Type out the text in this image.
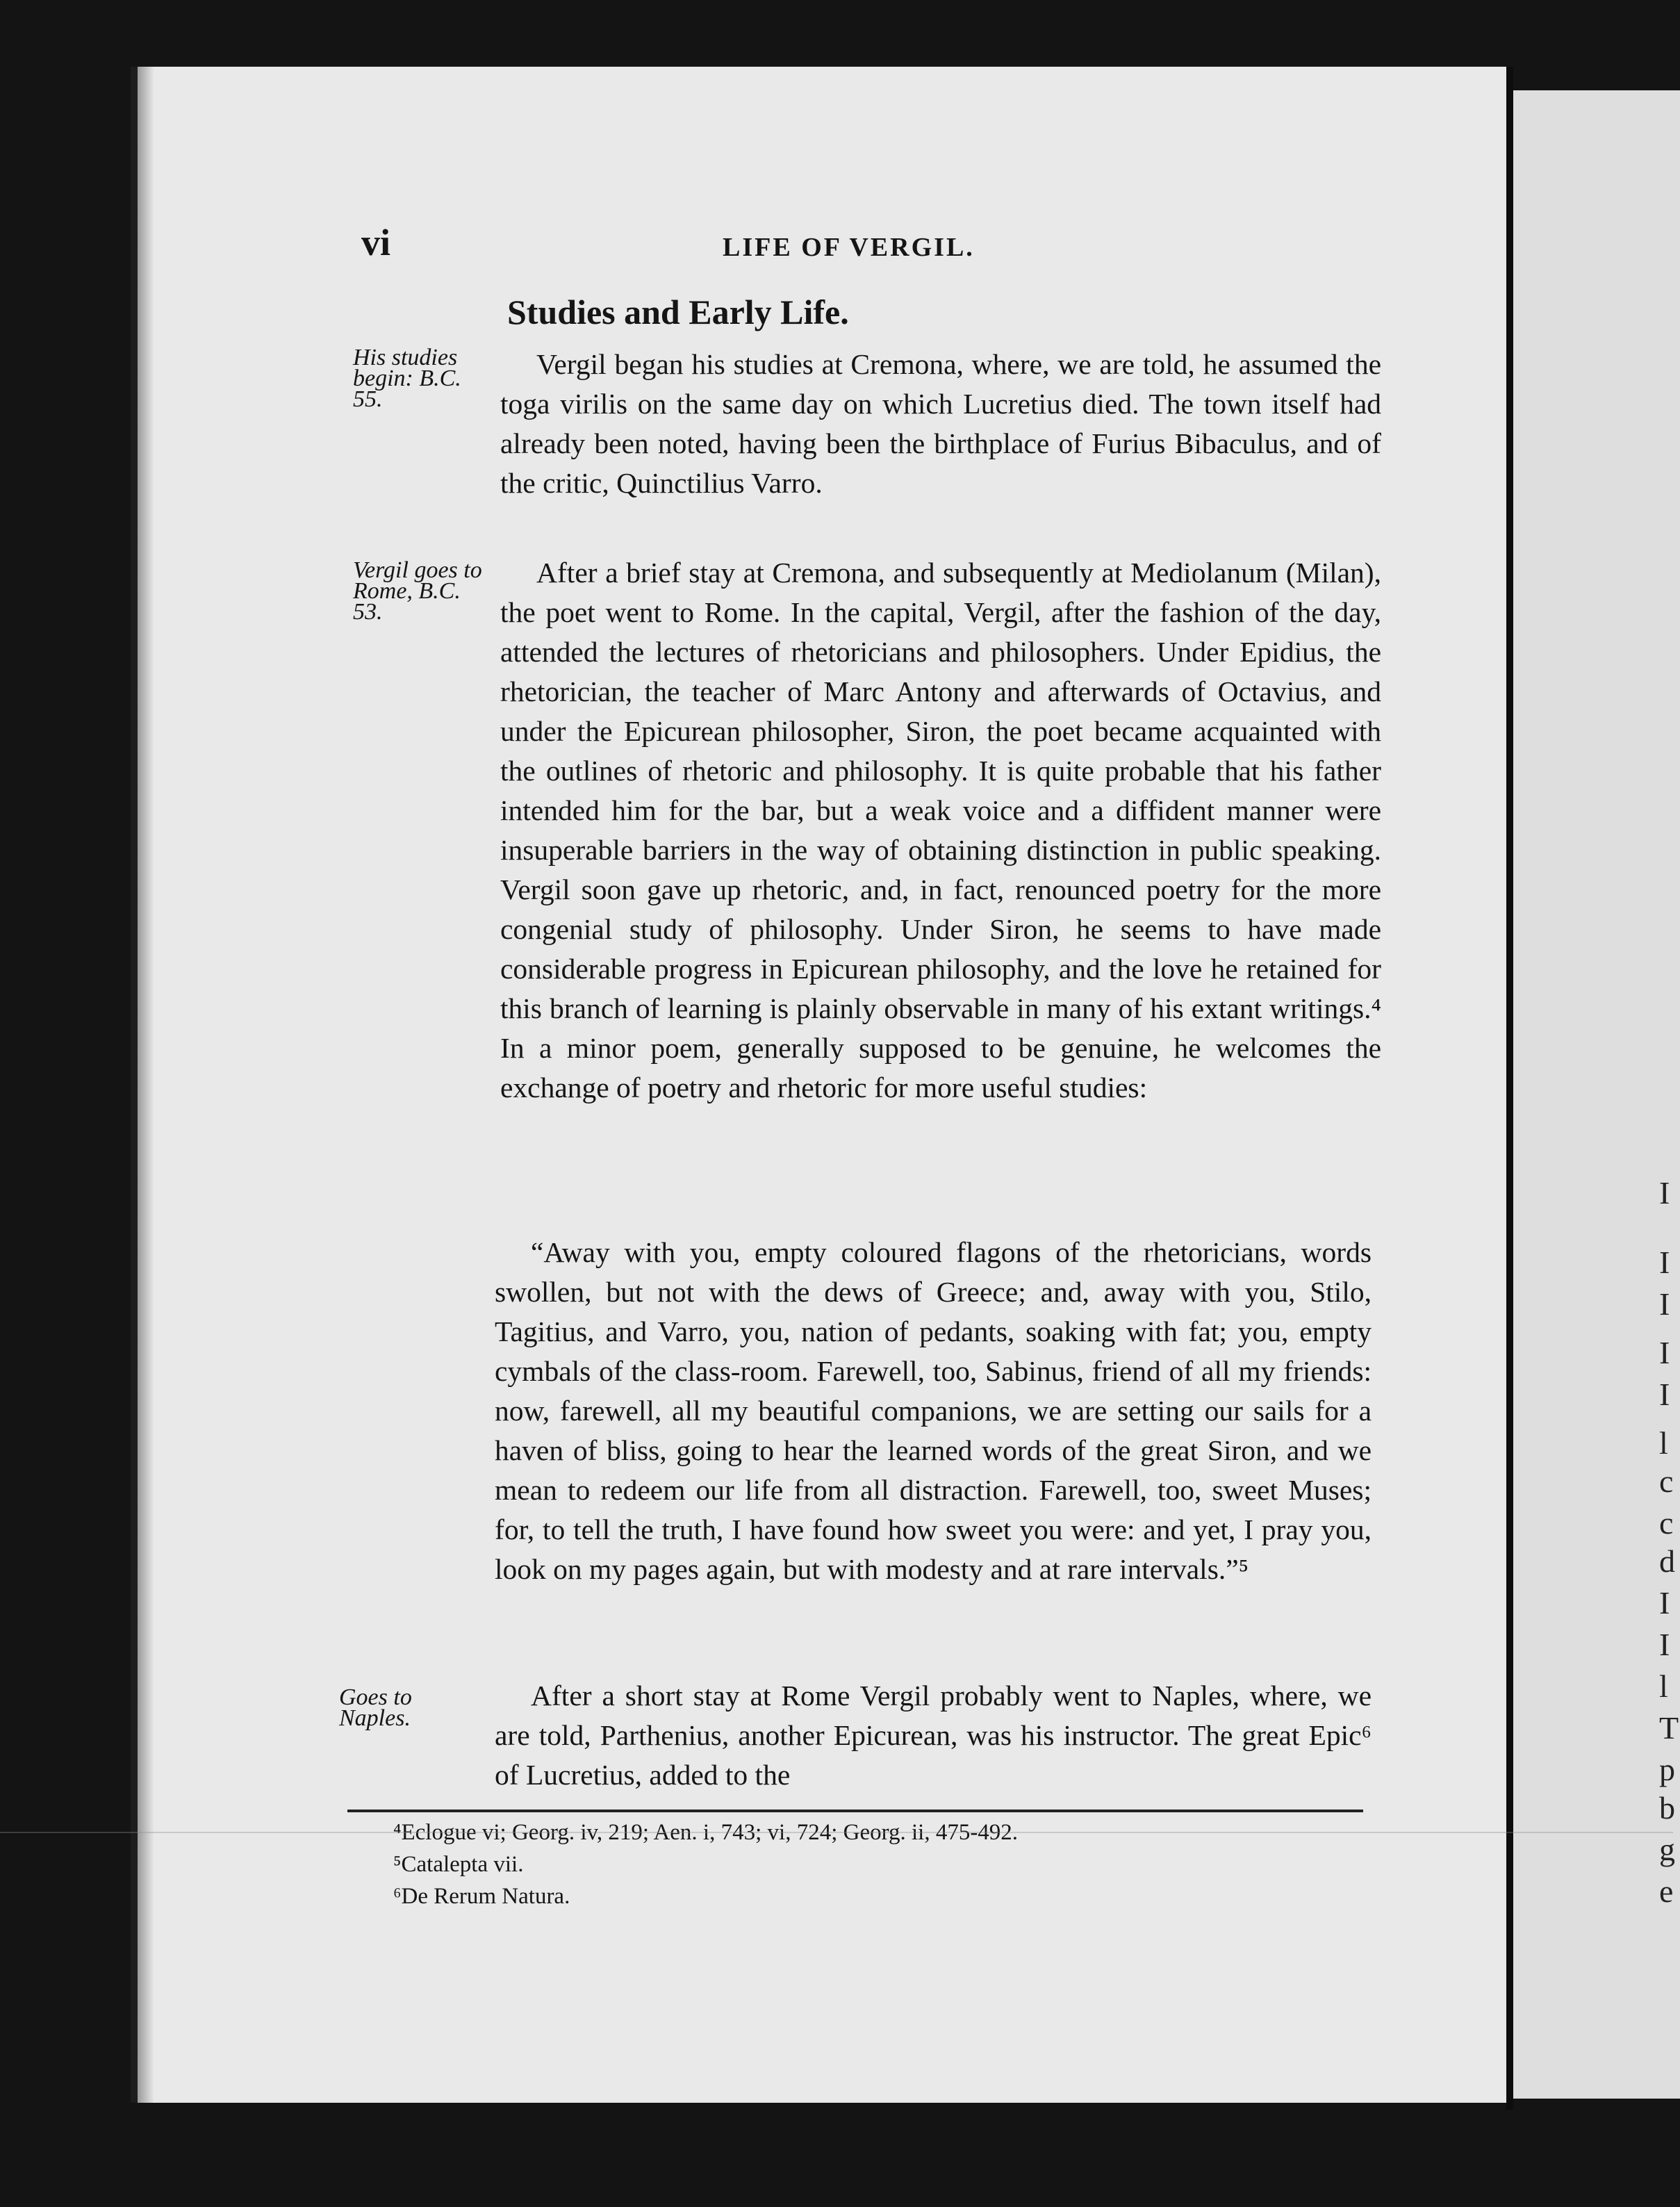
I
I
I
I
I
l
c
c
d
I
I
l
T
p
b
g
e
vi	LIFE OF VERGIL.
Studies and Early Life.
His studies begin: B.C. 55.
Vergil goes to Rome, B.C. 53.
Goes to Naples.

Vergil began his studies at Cremona, where, we are told, he assumed the toga virilis on the same day on which Lucretius died. The town itself had already been noted, having been the birthplace of Furius Bibaculus, and of the critic, Quinctilius Varro.

After a brief stay at Cremona, and subsequently at Mediolanum (Milan), the poet went to Rome. In the capital, Vergil, after the fashion of the day, attended the lectures of rhetoricians and philosophers. Under Epidius, the rhetorician, the teacher of Marc Antony and afterwards of Octavius, and under the Epicurean philosopher, Siron, the poet became acquainted with the outlines of rhetoric and philosophy. It is quite probable that his father intended him for the bar, but a weak voice and a diffident manner were insuperable barriers in the way of obtaining distinction in public speaking. Vergil soon gave up rhetoric, and, in fact, renounced poetry for the more congenial study of philosophy. Under Siron, he seems to have made considerable progress in Epicurean philosophy, and the love he retained for this branch of learning is plainly observable in many of his extant writings.⁴ In a minor poem, generally supposed to be genuine, he welcomes the exchange of poetry and rhetoric for more useful studies:

“Away with you, empty coloured flagons of the rhetoricians, words swollen, but not with the dews of Greece; and, away with you, Stilo, Tagitius, and Varro, you, nation of pedants, soaking with fat; you, empty cymbals of the class-room. Farewell, too, Sabinus, friend of all my friends: now, farewell, all my beautiful companions, we are setting our sails for a haven of bliss, going to hear the learned words of the great Siron, and we mean to redeem our life from all distraction. Farewell, too, sweet Muses; for, to tell the truth, I have found how sweet you were: and yet, I pray you, look on my pages again, but with modesty and at rare intervals.”⁵

After a short stay at Rome Vergil probably went to Naples, where, we are told, Parthenius, another Epicurean, was his instructor. The great Epic⁶ of Lucretius, added to the

⁴Eclogue vi; Georg. iv, 219; Aen. i, 743; vi, 724; Georg. ii, 475-492.
⁵Catalepta vii.
⁶De Rerum Natura.
